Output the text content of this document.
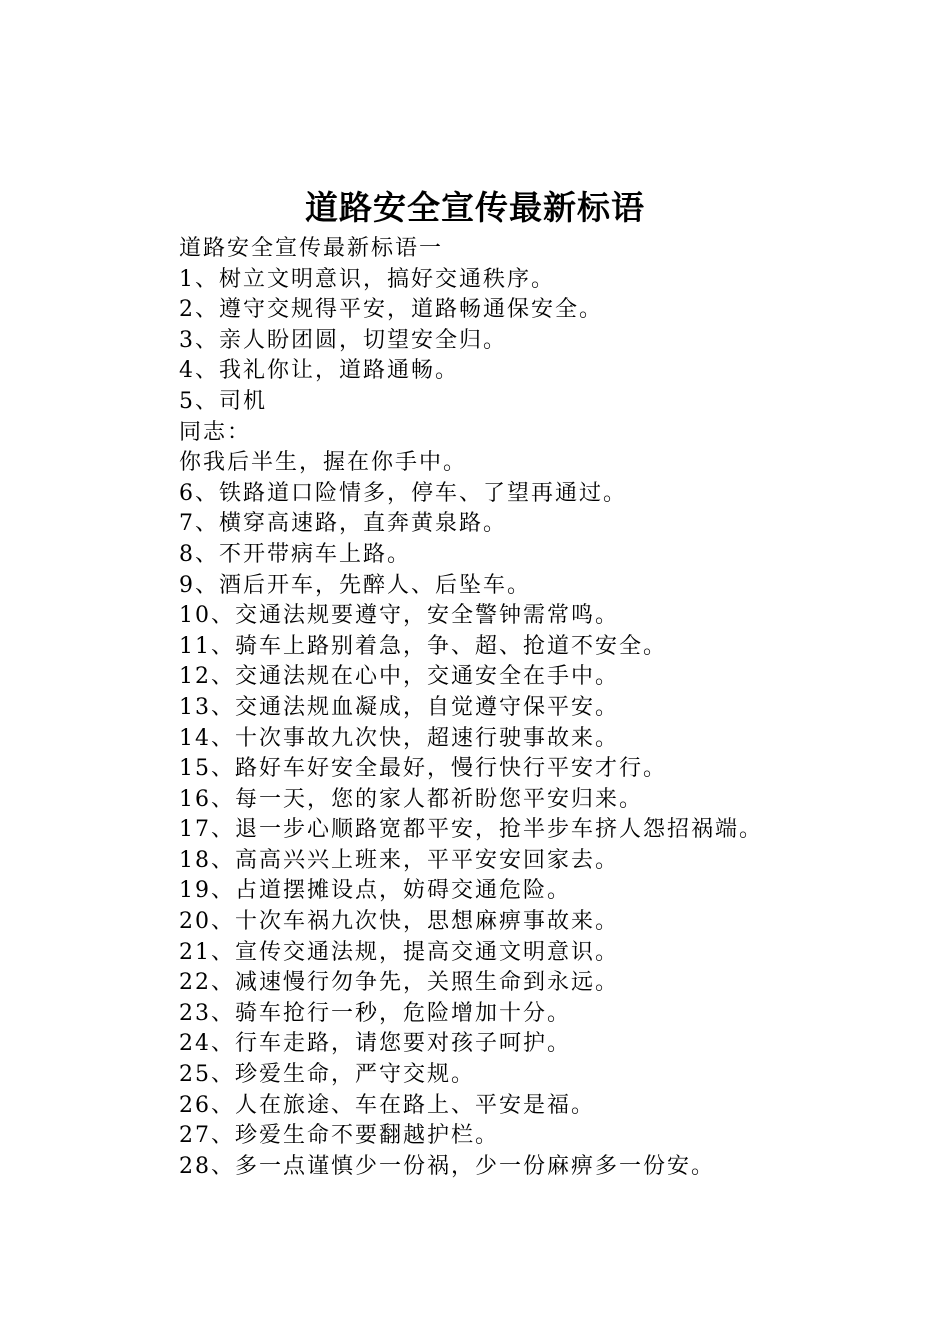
道路安全宣传最新标语
道路安全宣传最新标语一
1、树立文明意识，搞好交通秩序。
2、遵守交规得平安，道路畅通保安全。
3、亲人盼团圆，切望安全归。
4、我礼你让，道路通畅。
5、司机
同志：
你我后半生，握在你手中。
6、铁路道口险情多，停车、了望再通过。
7、横穿高速路，直奔黄泉路。
8、不开带病车上路。
9、酒后开车，先醉人、后坠车。
10、交通法规要遵守，安全警钟需常鸣。
11、骑车上路别着急，争、超、抢道不安全。
12、交通法规在心中，交通安全在手中。
13、交通法规血凝成，自觉遵守保平安。
14、十次事故九次快，超速行驶事故来。
15、路好车好安全最好，慢行快行平安才行。
16、每一天，您的家人都祈盼您平安归来。
17、退一步心顺路宽都平安，抢半步车挤人怨招祸端。
18、高高兴兴上班来，平平安安回家去。
19、占道摆摊设点，妨碍交通危险。
20、十次车祸九次快，思想麻痹事故来。
21、宣传交通法规，提高交通文明意识。
22、减速慢行勿争先，关照生命到永远。
23、骑车抢行一秒，危险增加十分。
24、行车走路，请您要对孩子呵护。
25、珍爱生命，严守交规。
26、人在旅途、车在路上、平安是福。
27、珍爱生命不要翻越护栏。
28、多一点谨慎少一份祸，少一份麻痹多一份安。
